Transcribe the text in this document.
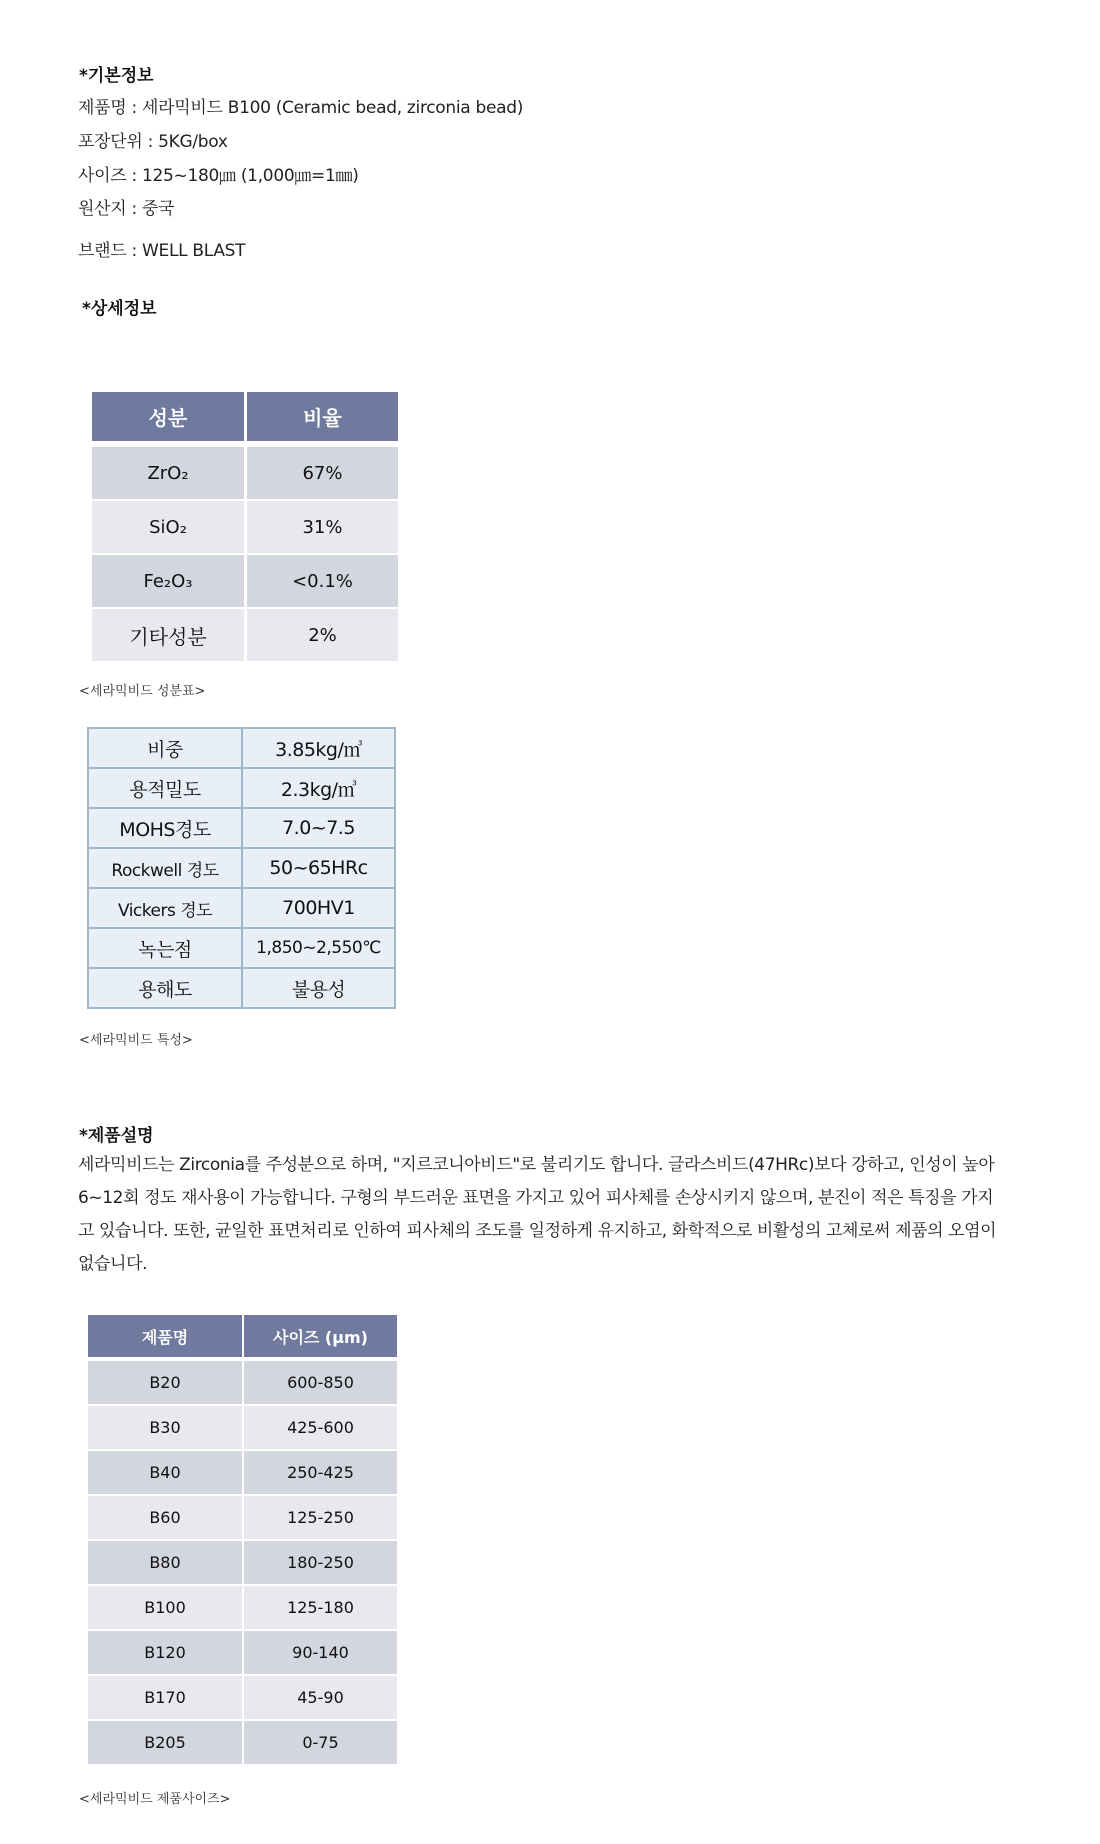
*기본정보
제품명 : 세라믹비드 B100 (Ceramic bead, zirconia bead)
포장단위 : 5KG/box
사이즈 : 125~180㎛ (1,000㎛=1㎜)
원산지 : 중국
브랜드 : WELL BLAST
*상세정보
성분	비율
ZrO₂	67%
SiO₂	31%
Fe₂O₃	<0.1%
기타성분	2%
<세라믹비드 성분표>
비중	3.85kg/㎥
용적밀도	2.3kg/㎥
MOHS경도	7.0~7.5
Rockwell 경도	50~65HRc
Vickers 경도	700HV1
녹는점	1,850~2,550℃
용해도	불용성
<세라믹비드 특성>
*제품설명
세라믹비드는 Zirconia를 주성분으로 하며, "지르코니아비드"로 불리기도 합니다. 글라스비드(47HRc)보다 강하고, 인성이 높아
6~12회 정도 재사용이 가능합니다. 구형의 부드러운 표면을 가지고 있어 피사체를 손상시키지 않으며, 분진이 적은 특징을 가지
고 있습니다. 또한, 균일한 표면처리로 인하여 피사체의 조도를 일정하게 유지하고, 화학적으로 비활성의 고체로써 제품의 오염이
없습니다.
제품명	사이즈 (μm)
B20	600-850
B30	425-600
B40	250-425
B60	125-250
B80	180-250
B100	125-180
B120	90-140
B170	45-90
B205	0-75
<세라믹비드 제품사이즈>
